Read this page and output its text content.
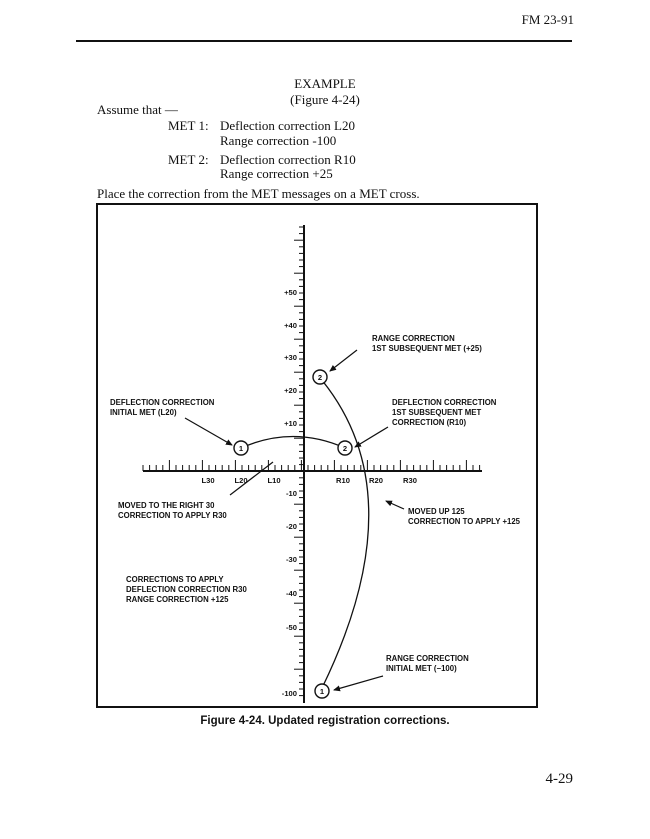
FM 23-91
EXAMPLE
(Figure 4-24)
Assume that —
MET 1: Deflection correction L20
Range correction -100
MET 2: Deflection correction R10
Range correction +25
Place the correction from the MET messages on a MET cross.
+50
+40
+30
+20
+10
-10
-20
-30
-40
-50
-100
L30	L20	L10	R10	R20	R30
1	2
2
1
RANGE CORRECTION
1ST SUBSEQUENT MET (+25)
DEFLECTION CORRECTION
INITIAL MET (L20)
DEFLECTION CORRECTION
1ST SUBSEQUENT MET
CORRECTION (R10)
MOVED TO THE RIGHT 30
CORRECTION TO APPLY R30	MOVED UP 125
CORRECTION TO APPLY +125
CORRECTIONS TO APPLY
DEFLECTION CORRECTION R30
RANGE CORRECTION +125
RANGE CORRECTION
INITIAL MET (−100)
Figure 4-24. Updated registration corrections.
4-29
